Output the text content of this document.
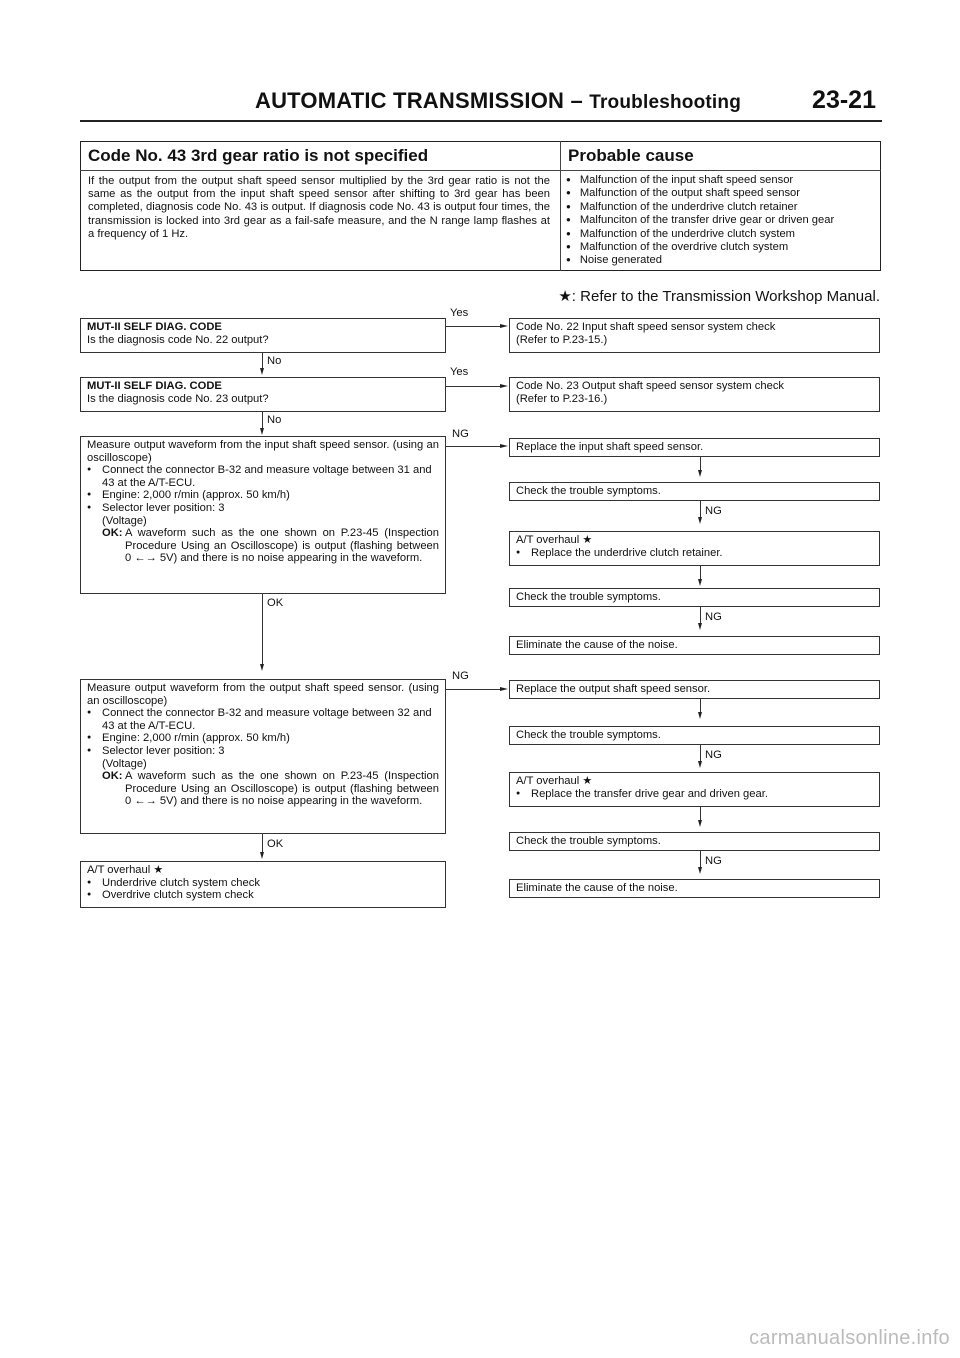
AUTOMATIC TRANSMISSION – Troubleshooting	23-21
Code No. 43 3rd gear ratio is not specified	Probable cause
If the output from the output shaft speed sensor multiplied by the 3rd gear ratio is not the same as the output from the input shaft speed sensor after shifting to 3rd gear has been completed, diagnosis code No. 43 is output. If diagnosis code No. 43 is output four times, the transmission is locked into 3rd gear as a fail-safe measure, and the N range lamp flashes at a frequency of 1 Hz.
● Malfunction of the input shaft speed sensor
● Malfunction of the output shaft speed sensor
● Malfunction of the underdrive clutch retainer
● Malfunciton of the transfer drive gear or driven gear
● Malfunction of the underdrive clutch system
● Malfunction of the overdrive clutch system
● Noise generated
★: Refer to the Transmission Workshop Manual.
MUT-II SELF DIAG. CODE
Is the diagnosis code No. 22 output?
Yes
Code No. 22 Input shaft speed sensor system check
(Refer to P.23-15.)
No
MUT-II SELF DIAG. CODE
Is the diagnosis code No. 23 output?
Yes
Code No. 23 Output shaft speed sensor system check
(Refer to P.23-16.)
No
Measure output waveform from the input shaft speed sensor. (using an oscilloscope)
● Connect the connector B-32 and measure voltage between 31 and 43 at the A/T-ECU.
● Engine: 2,000 r/min (approx. 50 km/h)
● Selector lever position: 3
(Voltage)
OK: A waveform such as the one shown on P.23-45 (Inspection Procedure Using an Oscilloscope) is output (flashing between 0 ←→ 5V) and there is no noise appearing in the waveform.
NG
OK
Replace the input shaft speed sensor.
Check the trouble symptoms.
NG
A/T overhaul ★
● Replace the underdrive clutch retainer.
Check the trouble symptoms.
NG
Eliminate the cause of the noise.
Measure output waveform from the output shaft speed sensor. (using an oscilloscope)
● Connect the connector B-32 and measure voltage between 32 and 43 at the A/T-ECU.
● Engine: 2,000 r/min (approx. 50 km/h)
● Selector lever position: 3
(Voltage)
OK: A waveform such as the one shown on P.23-45 (Inspection Procedure Using an Oscilloscope) is output (flashing between 0 ←→ 5V) and there is no noise appearing in the waveform.
NG
OK
Replace the output shaft speed sensor.
Check the trouble symptoms.
NG
A/T overhaul ★
● Replace the transfer drive gear and driven gear.
Check the trouble symptoms.
NG
Eliminate the cause of the noise.
A/T overhaul ★
● Underdrive clutch system check
● Overdrive clutch system check
carmanualsonline.info
